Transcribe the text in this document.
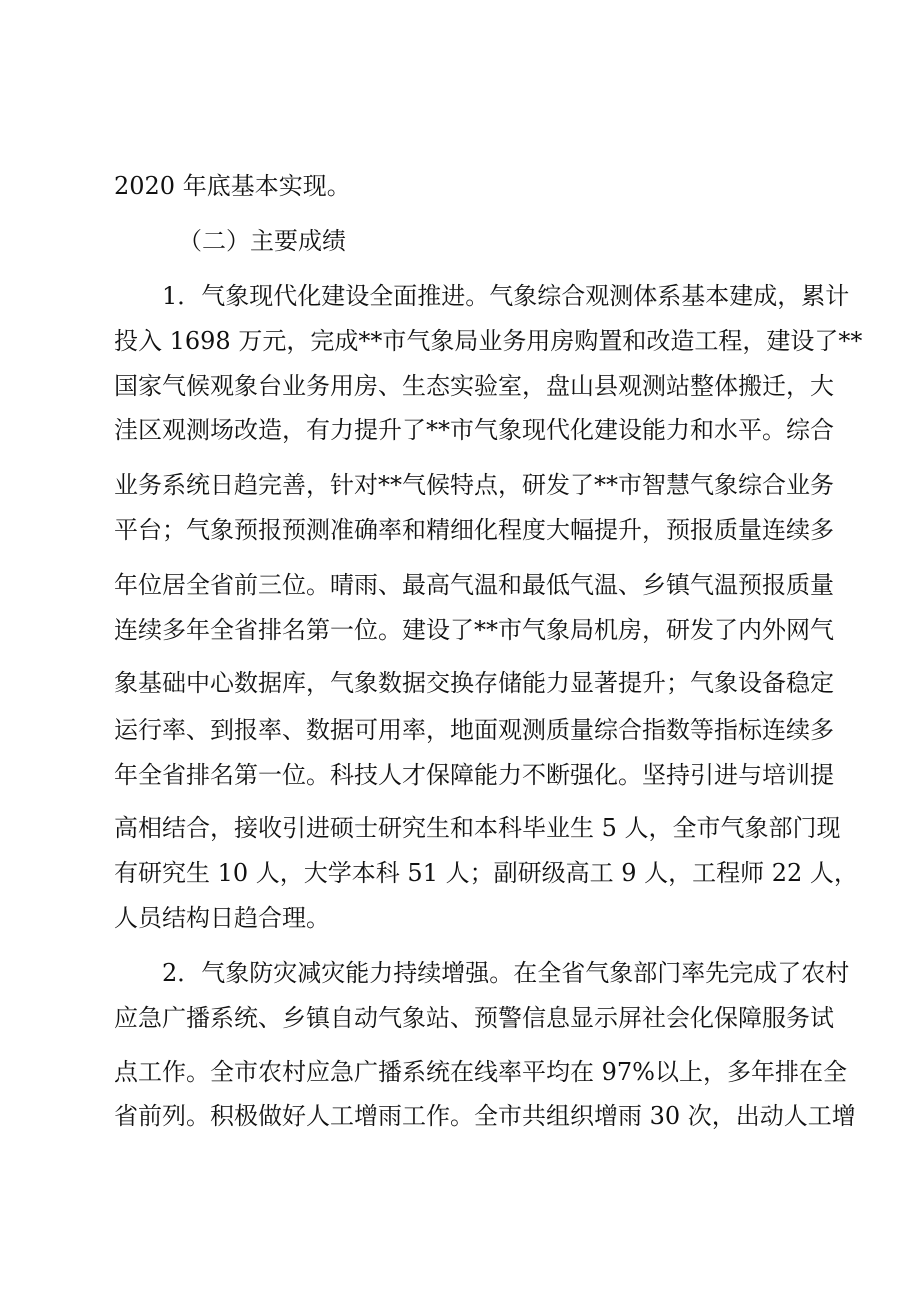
2020 年底基本实现。
（二）主要成绩
1．气象现代化建设全面推进。气象综合观测体系基本建成，累计
投入 1698 万元，完成**市气象局业务用房购置和改造工程，建设了**
国家气候观象台业务用房、生态实验室，盘山县观测站整体搬迁，大
洼区观测场改造，有力提升了**市气象现代化建设能力和水平。综合
业务系统日趋完善，针对**气候特点，研发了**市智慧气象综合业务
平台；气象预报预测准确率和精细化程度大幅提升，预报质量连续多
年位居全省前三位。晴雨、最高气温和最低气温、乡镇气温预报质量
连续多年全省排名第一位。建设了**市气象局机房，研发了内外网气
象基础中心数据库，气象数据交换存储能力显著提升；气象设备稳定
运行率、到报率、数据可用率，地面观测质量综合指数等指标连续多
年全省排名第一位。科技人才保障能力不断强化。坚持引进与培训提
高相结合，接收引进硕士研究生和本科毕业生 5 人，全市气象部门现
有研究生 10 人，大学本科 51 人；副研级高工 9 人，工程师 22 人，
人员结构日趋合理。
2．气象防灾减灾能力持续增强。在全省气象部门率先完成了农村
应急广播系统、乡镇自动气象站、预警信息显示屏社会化保障服务试
点工作。全市农村应急广播系统在线率平均在 97%以上，多年排在全
省前列。积极做好人工增雨工作。全市共组织增雨 30 次，出动人工增
